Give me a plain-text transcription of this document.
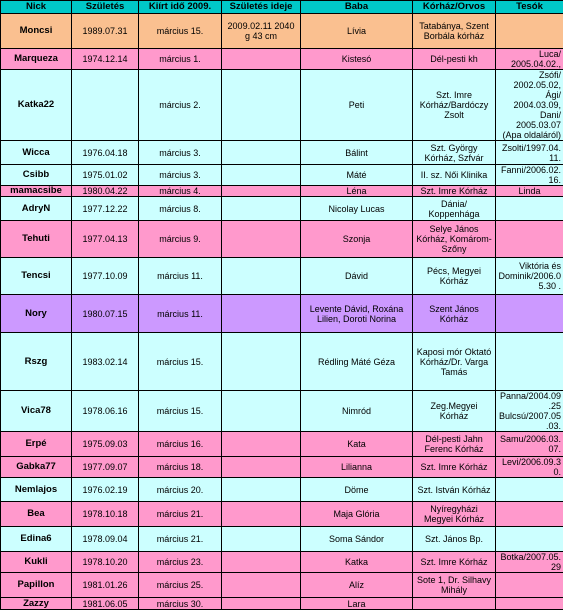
Nick	Születés	Kiírt idő 2009.	Születés ideje	Baba	Kórház/Orvos	Tesók
Moncsi	1989.07.31	március 15.	2009.02.11 2040 g 43 cm	Lívia	Tatabánya, Szent Borbála kórház	
Marqueza	1974.12.14	március 1.		Kistesó	Dél-pesti kh	Luca/ 2005.04.02.,
Katka22		március 2.		Peti	Szt. Imre Kórház/Bardóczy Zsolt	Zsófi/ 2002.05.02, Ági/ 2004.03.09, Dani/ 2005.03.07 (Apa oldaláról)
Wicca	1976.04.18	március 3.		Bálint	Szt. György Kórház, Szfvár	Zsolti/1997.04.11.
Csibb	1975.01.02	március 3.		Máté	II. sz. Női Klinika	Fanni/2006.02.16.
mamacsibe	1980.04.22	március 4.		Léna	Szt. Imre Kórház	Linda
AdryN	1977.12.22	március 8.		Nicolay Lucas	Dánia/ Koppenhága	
Tehuti	1977.04.13	március 9.		Szonja	Selye János Kórház, Komárom-Szőny	
Tencsi	1977.10.09	március 11.		Dávid	Pécs, Megyei Kórház	Viktória és Dominik/2006.05.30 .
Nory	1980.07.15	március 11.		Levente Dávid, Roxána Lilien, Doroti Norina	Szent János Kórház	
Rszg	1983.02.14	március 15.		Rédling Máté Géza	Kaposi mór Oktató Kórház/Dr. Varga Tamás	
Vica78	1978.06.16	március 15.		Nimród	Zeg.Megyei Kórház	Panna/2004.09.25 Bulcsú/2007.05.03.
Erpé	1975.09.03	március 16.		Kata	Dél-pesti Jahn Ferenc Kórház	Samu/2006.03.07.
Gabka77	1977.09.07	március 18.		Lilianna	Szt. Imre Kórház	Levi/2006.09.30.
Nemlajos	1976.02.19	március 20.		Döme	Szt. István Kórház	
Bea	1978.10.18	március 21.		Maja Glória	Nyíregyházi Megyei Kórház	
Edina6	1978.09.04	március 21.		Soma Sándor	Szt. János Bp.	
Kukli	1978.10.20	március 23.		Katka	Szt. Imre Kórház	Botka/2007.05.29
Papillon	1981.01.26	március 25.		Alíz	Sote 1, Dr. Silhavy Mihály	
Zazzy	1981.06.05	március 30.		Lara		
